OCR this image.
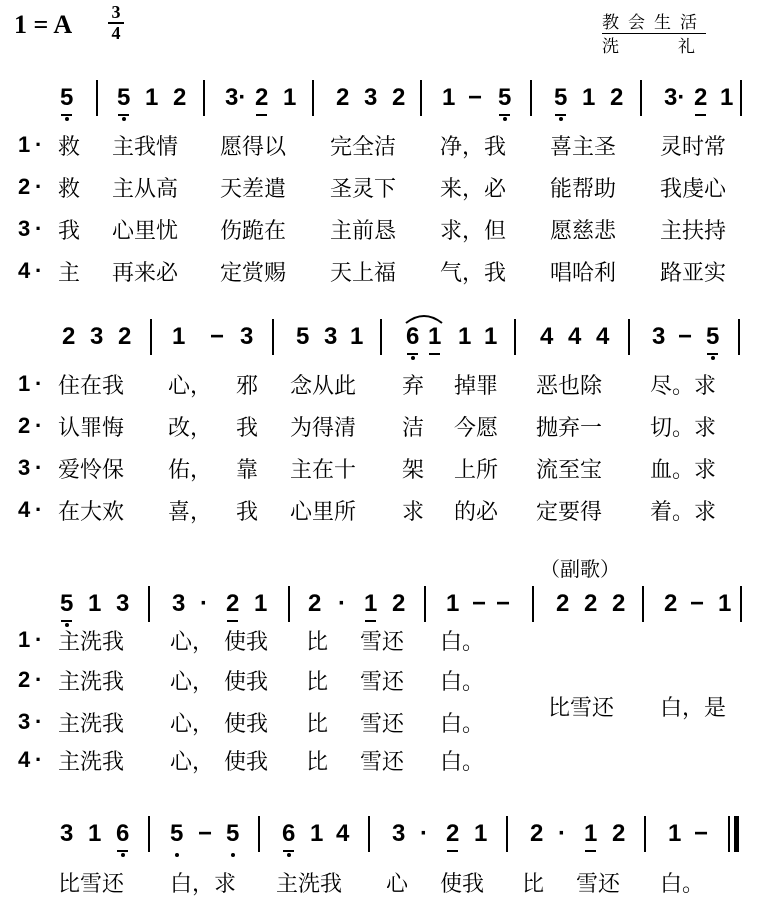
1 = A	3
4	教会生活
洗	礼
5 5 1 2 3· 2 1 2 3 2 1 − 5 5 1 2 3· 2 1
1 · 救 主我情 愿得以 完全洁 净，我 喜主圣 灵时常
2 · 救 主从高 天差遣 圣灵下 来，必 能帮助 我虔心
3 · 我 心里忧 伤跪在 主前恳 求，但 愿慈悲 主扶持
4 · 主 再来必 定赏赐 天上福 气，我 唱哈利 路亚实
2 3 2 1 − 3 5 3 1 6 1 1 1 4 4 4 3 − 5
1 · 住在我 心， 邪 念从此 弃 掉罪 恶也除 尽。求
2 · 认罪悔 改， 我 为得清 洁 今愿 抛弃一 切。求
3 · 爱怜保 佑， 靠 主在十 架 上所 流至宝 血。求
4 · 在大欢 喜， 我 心里所 求 的必 定要得 着。求
（副歌）
5 1 3 3 · 2 1 2 · 1 2 1 − − 2 2 2 2 − 1
1 · 主洗我 心， 使我 比 雪还 白。
2 · 主洗我 心， 使我 比 雪还 白。
3 · 主洗我 心， 使我 比 雪还 白。
4 · 主洗我 心， 使我 比 雪还 白。
比雪还 白，是
3 1 6 5 − 5 6 1 4 3 · 2 1 2 · 1 2 1 −
比雪还 白，求 主洗我 心 使我 比 雪还 白。
